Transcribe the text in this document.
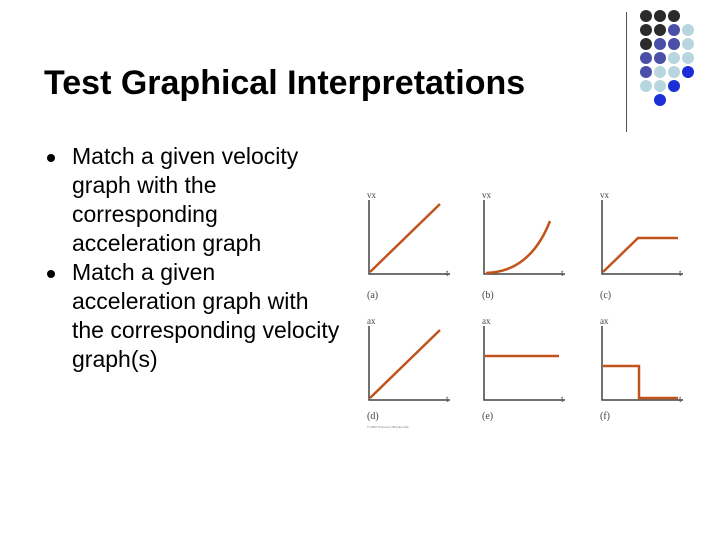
Test Graphical Interpretations
Match a given velocity graph with the corresponding acceleration graph
Match a given acceleration graph with the corresponding velocity graph(s)
vx
t
(a)
vx
t
(b)
vx
t
(c)
ax
t
(d)
© 2004 Thomson / Brooks Cole
ax
t
(e)
ax
t
(f)
